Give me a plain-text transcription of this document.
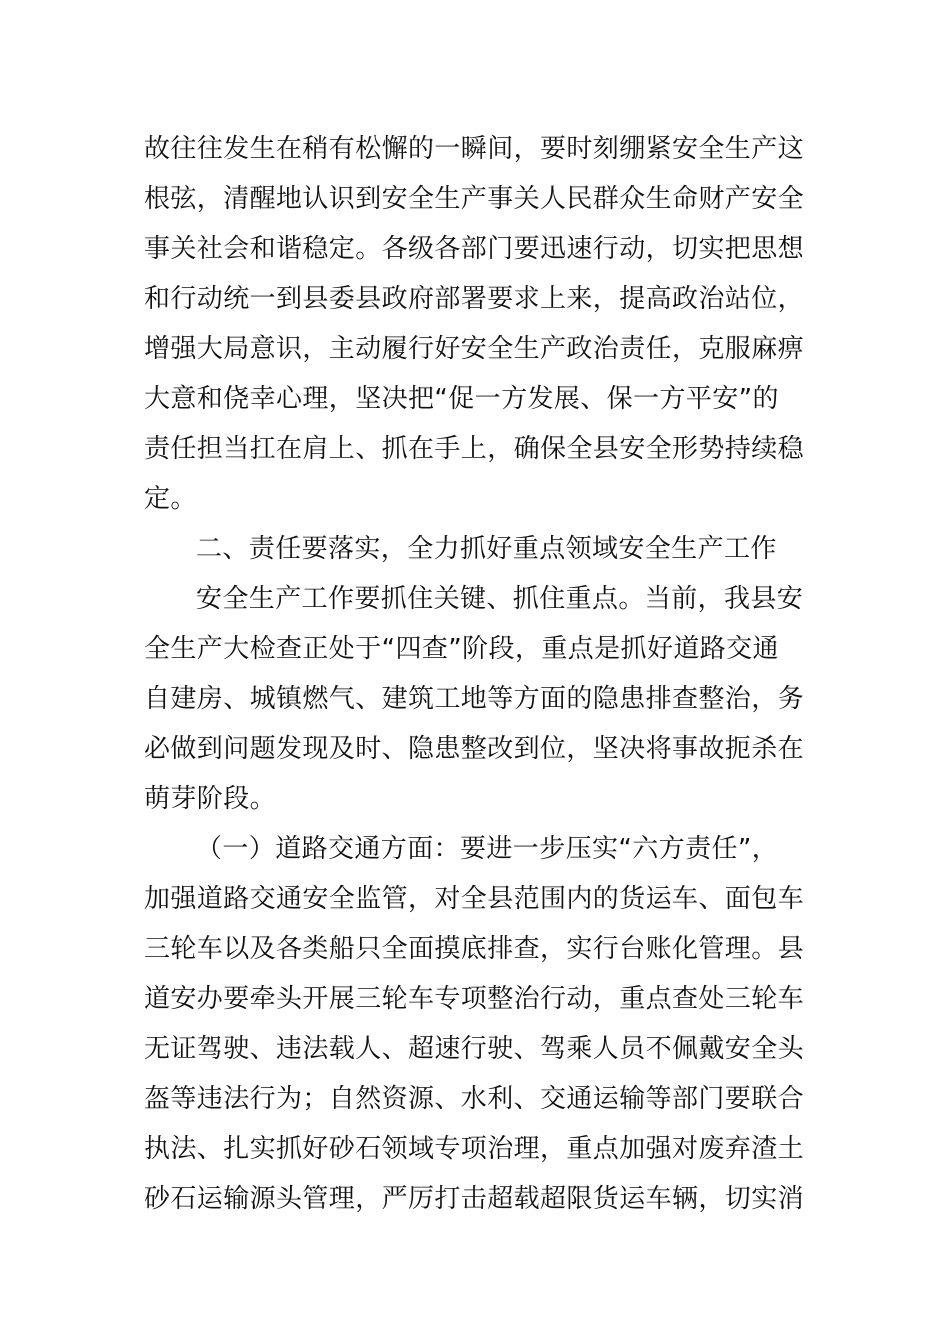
故往往发生在稍有松懈的一瞬间，要时刻绷紧安全生产这
根弦，清醒地认识到安全生产事关人民群众生命财产安全
事关社会和谐稳定。各级各部门要迅速行动，切实把思想
和行动统一到县委县政府部署要求上来，提高政治站位，
增强大局意识，主动履行好安全生产政治责任，克服麻痹
大意和侥幸心理，坚决把“促一方发展、保一方平安”的
责任担当扛在肩上、抓在手上，确保全县安全形势持续稳
定。
二、责任要落实，全力抓好重点领域安全生产工作
安全生产工作要抓住关键、抓住重点。当前，我县安
全生产大检查正处于“四查”阶段，重点是抓好道路交通
自建房、城镇燃气、建筑工地等方面的隐患排查整治，务
必做到问题发现及时、隐患整改到位，坚决将事故扼杀在
萌芽阶段。
（一）道路交通方面：要进一步压实“六方责任”，
加强道路交通安全监管，对全县范围内的货运车、面包车
三轮车以及各类船只全面摸底排查，实行台账化管理。县
道安办要牵头开展三轮车专项整治行动，重点查处三轮车
无证驾驶、违法载人、超速行驶、驾乘人员不佩戴安全头
盔等违法行为；自然资源、水利、交通运输等部门要联合
执法、扎实抓好砂石领域专项治理，重点加强对废弃渣土
砂石运输源头管理，严厉打击超载超限货运车辆，切实消
